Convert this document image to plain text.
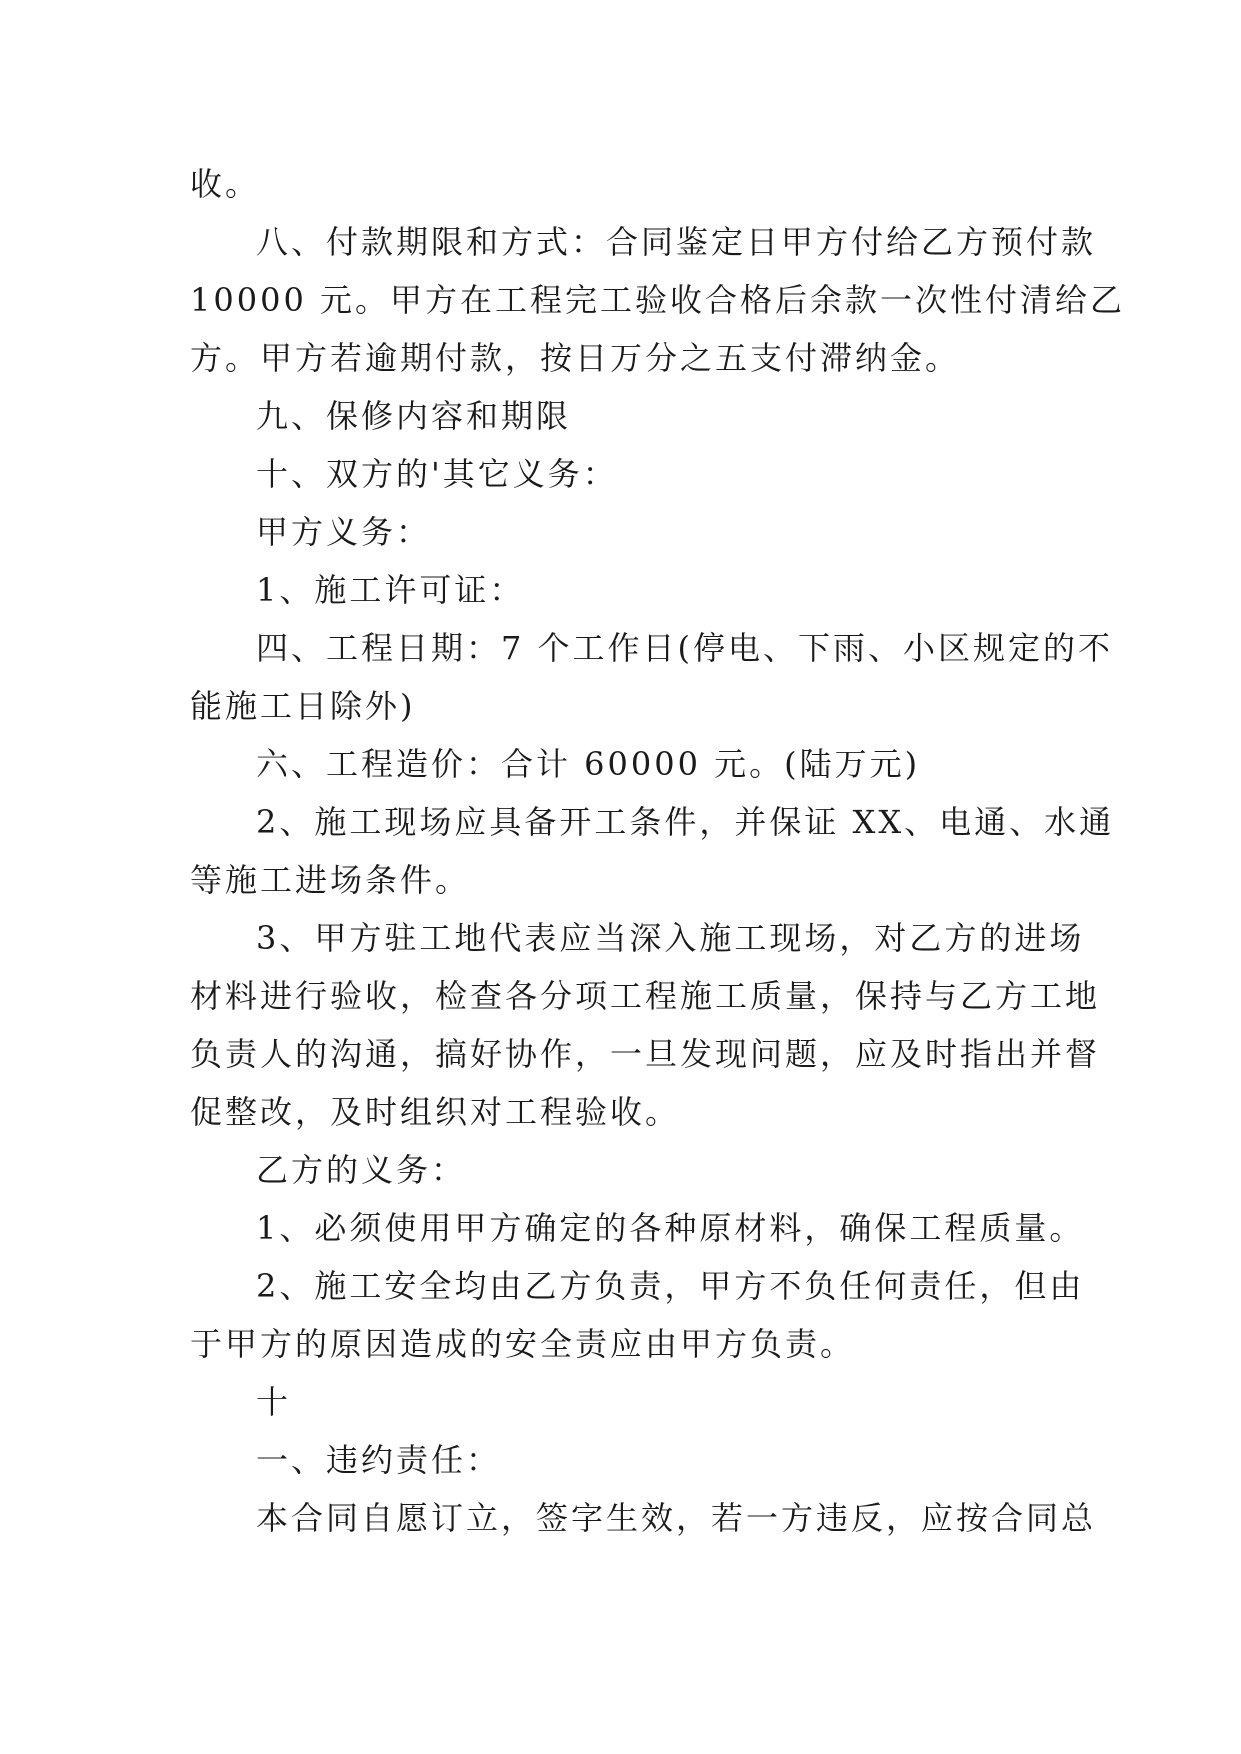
收。
八、付款期限和方式：合同鉴定日甲方付给乙方预付款
10000 元。甲方在工程完工验收合格后余款一次性付清给乙
方。甲方若逾期付款，按日万分之五支付滞纳金。
九、保修内容和期限
十、双方的'其它义务：
甲方义务：
1、施工许可证：
四、工程日期：7 个工作日(停电、下雨、小区规定的不
能施工日除外)
六、工程造价：合计 60000 元。(陆万元)
2、施工现场应具备开工条件，并保证 XX、电通、水通
等施工进场条件。
3、甲方驻工地代表应当深入施工现场，对乙方的进场
材料进行验收，检查各分项工程施工质量，保持与乙方工地
负责人的沟通，搞好协作，一旦发现问题，应及时指出并督
促整改，及时组织对工程验收。
乙方的义务：
1、必须使用甲方确定的各种原材料，确保工程质量。
2、施工安全均由乙方负责，甲方不负任何责任，但由
于甲方的原因造成的安全责应由甲方负责。
十
一、违约责任：
本合同自愿订立，签字生效，若一方违反，应按合同总
